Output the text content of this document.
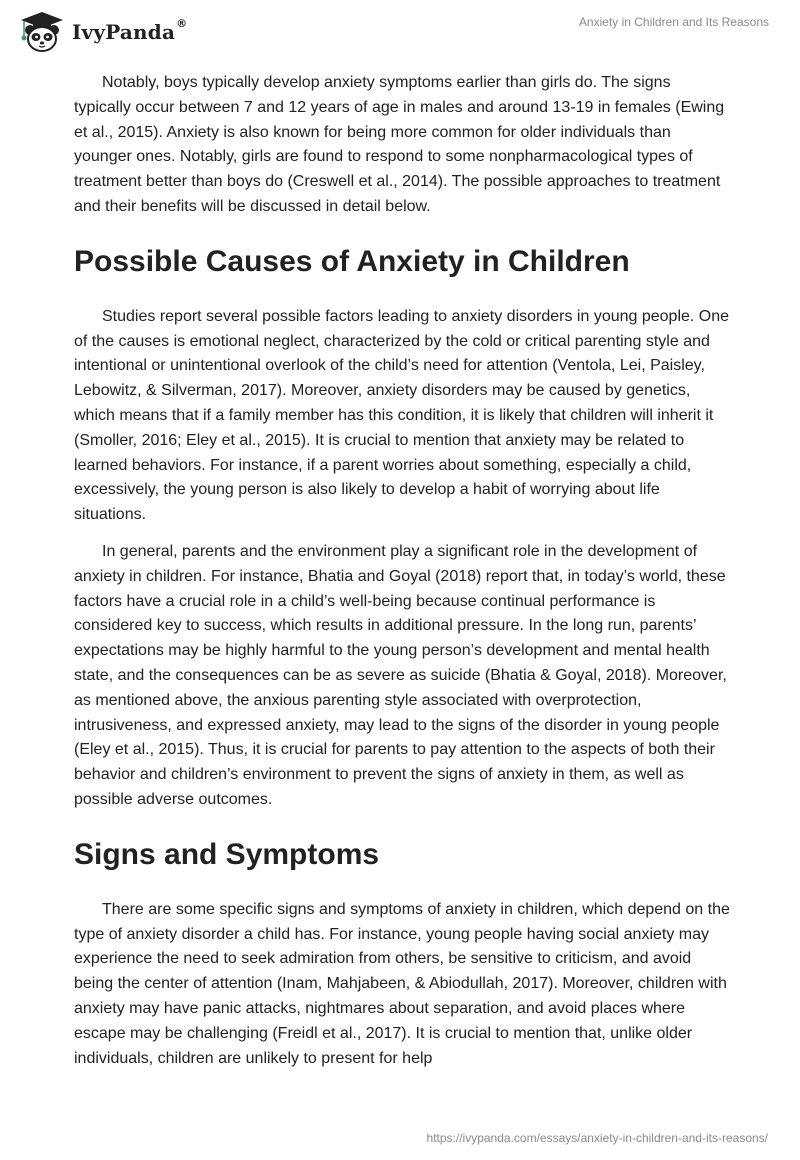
IvyPanda®	Anxiety in Children and Its Reasons

Notably, boys typically develop anxiety symptoms earlier than girls do. The signs typically occur between 7 and 12 years of age in males and around 13-19 in females (Ewing et al., 2015). Anxiety is also known for being more common for older individuals than younger ones. Notably, girls are found to respond to some nonpharmacological types of treatment better than boys do (Creswell et al., 2014). The possible approaches to treatment and their benefits will be discussed in detail below.

Possible Causes of Anxiety in Children

Studies report several possible factors leading to anxiety disorders in young people. One of the causes is emotional neglect, characterized by the cold or critical parenting style and intentional or unintentional overlook of the child’s need for attention (Ventola, Lei, Paisley, Lebowitz, & Silverman, 2017). Moreover, anxiety disorders may be caused by genetics, which means that if a family member has this condition, it is likely that children will inherit it (Smoller, 2016; Eley et al., 2015). It is crucial to mention that anxiety may be related to learned behaviors. For instance, if a parent worries about something, especially a child, excessively, the young person is also likely to develop a habit of worrying about life situations.

In general, parents and the environment play a significant role in the development of anxiety in children. For instance, Bhatia and Goyal (2018) report that, in today’s world, these factors have a crucial role in a child’s well-being because continual performance is considered key to success, which results in additional pressure. In the long run, parents’ expectations may be highly harmful to the young person’s development and mental health state, and the consequences can be as severe as suicide (Bhatia & Goyal, 2018). Moreover, as mentioned above, the anxious parenting style associated with overprotection, intrusiveness, and expressed anxiety, may lead to the signs of the disorder in young people (Eley et al., 2015). Thus, it is crucial for parents to pay attention to the aspects of both their behavior and children’s environment to prevent the signs of anxiety in them, as well as possible adverse outcomes.

Signs and Symptoms

There are some specific signs and symptoms of anxiety in children, which depend on the type of anxiety disorder a child has. For instance, young people having social anxiety may experience the need to seek admiration from others, be sensitive to criticism, and avoid being the center of attention (Inam, Mahjabeen, & Abiodullah, 2017). Moreover, children with anxiety may have panic attacks, nightmares about separation, and avoid places where escape may be challenging (Freidl et al., 2017). It is crucial to mention that, unlike older individuals, children are unlikely to present for help

https://ivypanda.com/essays/anxiety-in-children-and-its-reasons/
